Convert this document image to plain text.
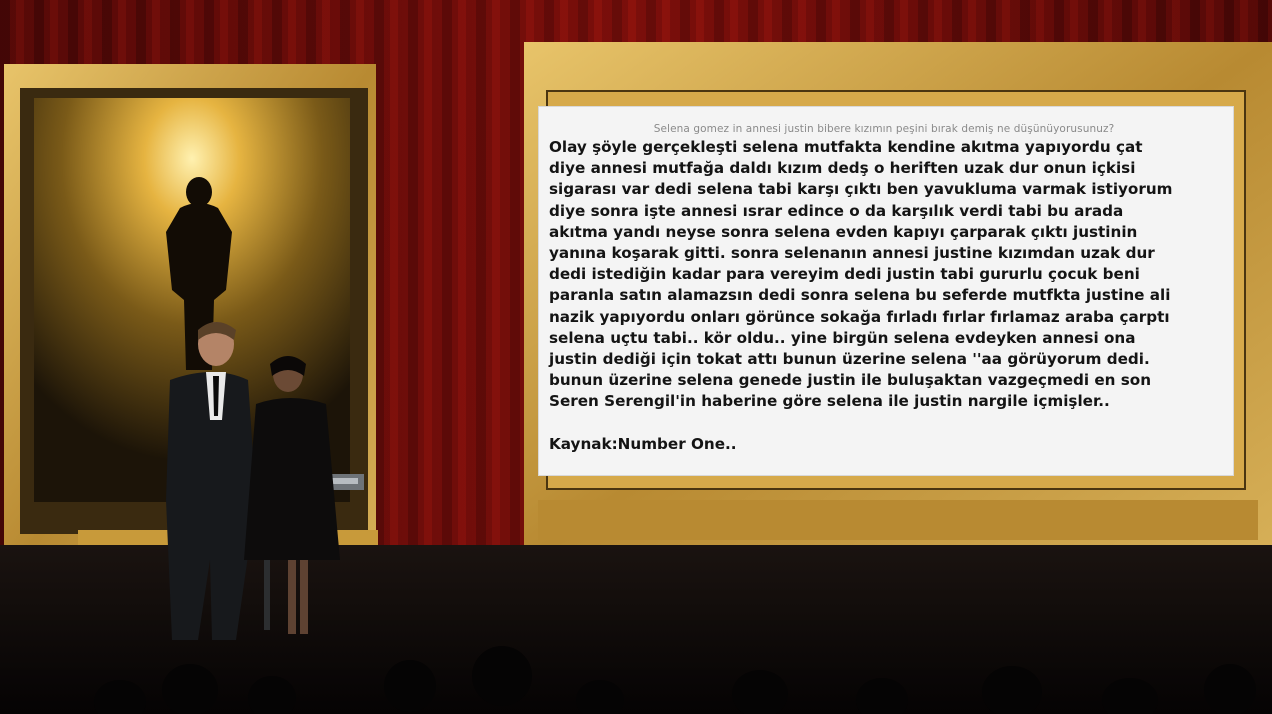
Selena gomez in annesi justin bibere kızımın peşini bırak demiş ne düşünüyorusunuz?
Olay şöyle gerçekleşti selena mutfakta kendine akıtma yapıyordu çat
diye annesi mutfağa daldı kızım dedş o heriften uzak dur onun içkisi
sigarası var dedi selena tabi karşı çıktı ben yavukluma varmak istiyorum
diye sonra işte annesi ısrar edince o da karşılık verdi tabi bu arada
akıtma yandı neyse sonra selena evden kapıyı çarparak çıktı justinin
yanına koşarak gitti. sonra selenanın annesi justine kızımdan uzak dur
dedi istediğin kadar para vereyim dedi justin tabi gururlu çocuk beni
paranla satın alamazsın dedi sonra selena bu seferde mutfkta justine ali
nazik yapıyordu onları görünce sokağa fırladı fırlar fırlamaz araba çarptı
selena uçtu tabi.. kör oldu.. yine birgün selena evdeyken annesi ona
justin dediği için tokat attı bunun üzerine selena ''aa görüyorum dedi.
bunun üzerine selena genede justin ile buluşaktan vazgeçmedi en son
Seren Serengil'in haberine göre selena ile justin nargile içmişler..
Kaynak:Number One..
